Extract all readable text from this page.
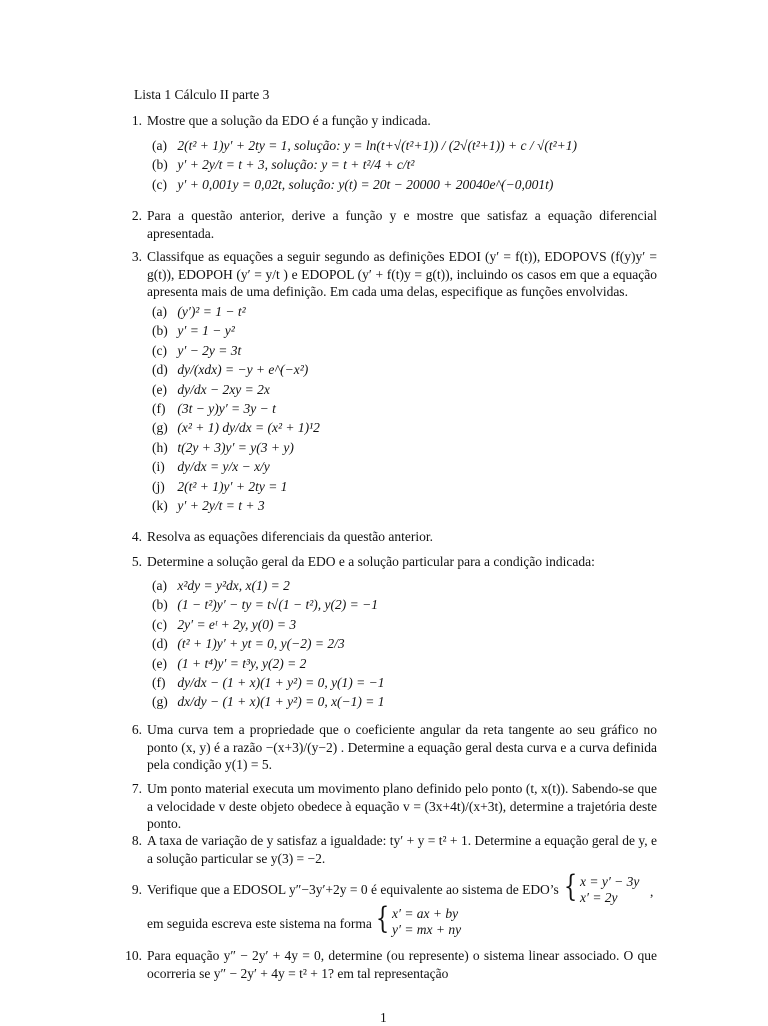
Lista 1 Cálculo II parte 3
1. Mostre que a solução da EDO é a função y indicada.
(a) 2(t² + 1)y′ + 2ty = 1, solução: y = ln(t+√(t²+1)) / (2√(t²+1)) + c / √(t²+1)
(b) y′ + 2y/t = t + 3, solução: y = t + t²/4 + c/t²
(c) y′ + 0,001y = 0,02t, solução: y(t) = 20t − 20000 + 20040e^(−0,001t)
2. Para a questão anterior, derive a função y e mostre que satisfaz a equação diferencial apresentada.
3. Classifque as equações a seguir segundo as definições EDOI (y′ = f(t)), EDOPOVS (f(y)y′ = g(t)), EDOPOH (y′ = y/t ) e EDOPOL (y′ + f(t)y = g(t)), incluindo os casos em que a equação apresenta mais de uma definição. Em cada uma delas, especifique as funções envolvidas.
(a) (y′)² = 1 − t²
(b) y′ = 1 − y²
(c) y′ − 2y = 3t
(d) dy/(xdx) = −y + e^(−x²)
(e) dy/dx − 2xy = 2x
(f) (3t − y)y′ = 3y − t
(g) (x² + 1) dy/dx = (x² + 1)¹2
(h) t(2y + 3)y′ = y(3 + y)
(i) dy/dx = y/x − x/y
(j) 2(t² + 1)y′ + 2ty = 1
(k) y′ + 2y/t = t + 3
4. Resolva as equações diferenciais da questão anterior.
5. Determine a solução geral da EDO e a solução particular para a condição indicada:
(a) x²dy = y²dx, x(1) = 2
(b) (1 − t²)y′ − ty = t√(1 − t²), y(2) = −1
(c) 2y′ = eᵗ + 2y, y(0) = 3
(d) (t² + 1)y′ + yt = 0, y(−2) = 2/3
(e) (1 + t⁴)y′ = t³y, y(2) = 2
(f) dy/dx − (1 + x)(1 + y²) = 0, y(1) = −1
(g) dx/dy − (1 + x)(1 + y²) = 0, x(−1) = 1
6. Uma curva tem a propriedade que o coeficiente angular da reta tangente ao seu gráfico no ponto (x, y) é a razão −(x+3)/(y−2) . Determine a equação geral desta curva e a curva definida pela condição y(1) = 5.
7. Um ponto material executa um movimento plano definido pelo ponto (t, x(t)). Sabendo-se que a velocidade v deste objeto obedece à equação v = (3x+4t)/(x+3t), determine a trajetória deste ponto.
8. A taxa de variação de y satisfaz a igualdade: ty′ + y = t² + 1. Determine a equação geral de y, e a solução particular se y(3) = −2.
9. Verifique que a EDOSOL y″−3y′+2y = 0 é equivalente ao sistema de EDO’s { x = y′ − 3y
x′ = 2y	,
em seguida escreva este sistema na forma { x′ = ax + by
y′ = mx + ny
10. Para equação y″ − 2y′ + 4y = 0, determine (ou represente) o sistema linear associado. O que ocorreria se y″ − 2y′ + 4y = t² + 1? em tal representação
1
